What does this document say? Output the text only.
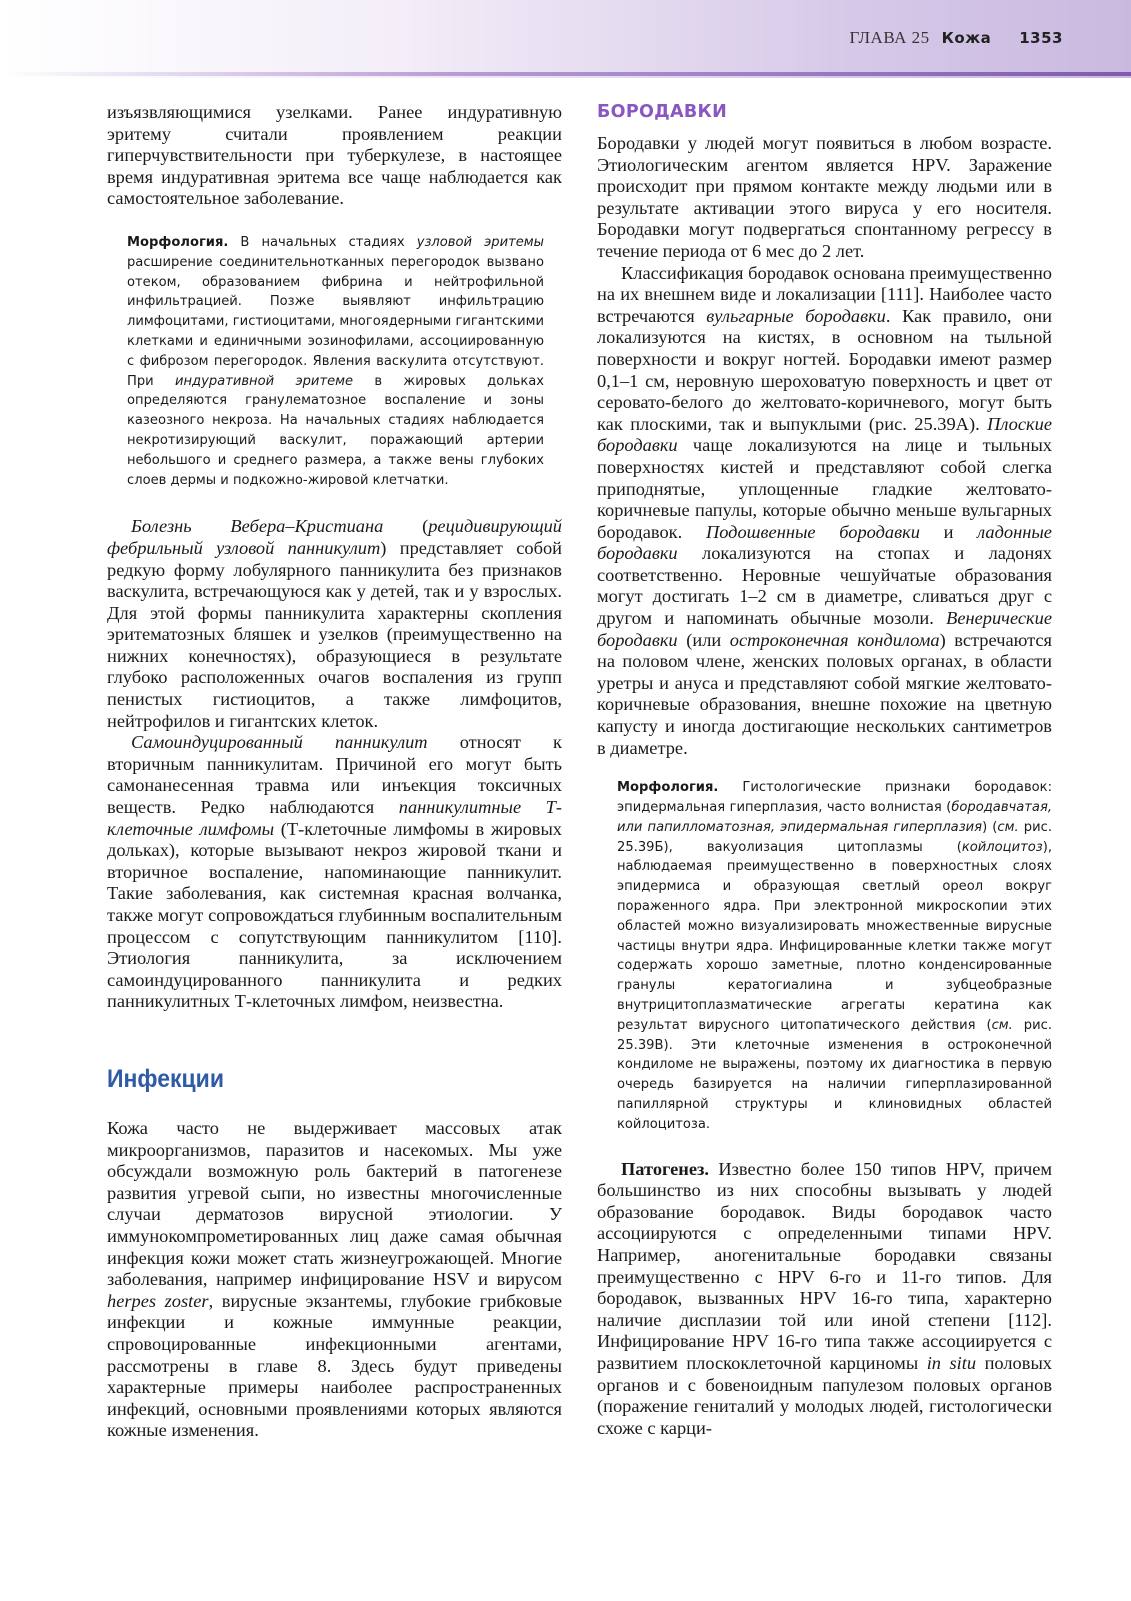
ГЛАВА 25 Кожа 1353

изъязвляющимися узелками. Ранее индуративную эритему считали проявлением реакции гиперчувствительности при туберкулезе, в настоящее время индуративная эритема все чаще наблюдается как самостоятельное заболевание.

Морфология. В начальных стадиях узловой эритемы расширение соединительнотканных перегородок вызвано отеком, образованием фибрина и нейтрофильной инфильтрацией. Позже выявляют инфильтрацию лимфоцитами, гистиоцитами, многоядерными гигантскими клетками и единичными эозинофилами, ассоциированную с фиброзом перегородок. Явления васкулита отсутствуют. При индуративной эритеме в жировых дольках определяются гранулематозное воспаление и зоны казеозного некроза. На начальных стадиях наблюдается некротизирующий васкулит, поражающий артерии небольшого и среднего размера, а также вены глубоких слоев дермы и подкожно-жировой клетчатки.

Болезнь Вебера–Кристиана (рецидивирующий фебрильный узловой панникулит) представляет собой редкую форму лобулярного панникулита без признаков васкулита, встречающуюся как у детей, так и у взрослых. Для этой формы панникулита характерны скопления эритематозных бляшек и узелков (преимущественно на нижних конечностях), образующиеся в результате глубоко расположенных очагов воспаления из групп пенистых гистиоцитов, а также лимфоцитов, нейтрофилов и гигантских клеток.

Самоиндуцированный панникулит относят к вторичным панникулитам. Причиной его могут быть самонанесенная травма или инъекция токсичных веществ. Редко наблюдаются панникулитные Т-клеточные лимфомы (Т-клеточные лимфомы в жировых дольках), которые вызывают некроз жировой ткани и вторичное воспаление, напоминающие панникулит. Такие заболевания, как системная красная волчанка, также могут сопровождаться глубинным воспалительным процессом с сопутствующим панникулитом [110]. Этиология панникулита, за исключением самоиндуцированного панникулита и редких панникулитных Т-клеточных лимфом, неизвестна.

Инфекции

Кожа часто не выдерживает массовых атак микроорганизмов, паразитов и насекомых. Мы уже обсуждали возможную роль бактерий в патогенезе развития угревой сыпи, но известны многочисленные случаи дерматозов вирусной этиологии. У иммунокомпрометированных лиц даже самая обычная инфекция кожи может стать жизнеугрожающей. Многие заболевания, например инфицирование HSV и вирусом herpes zoster, вирусные экзантемы, глубокие грибковые инфекции и кожные иммунные реакции, спровоцированные инфекционными агентами, рассмотрены в главе 8. Здесь будут приведены характерные примеры наиболее распространенных инфекций, основными проявлениями которых являются кожные изменения.

БОРОДАВКИ

Бородавки у людей могут появиться в любом возрасте. Этиологическим агентом является HPV. Заражение происходит при прямом контакте между людьми или в результате активации этого вируса у его носителя. Бородавки могут подвергаться спонтанному регрессу в течение периода от 6 мес до 2 лет.

Классификация бородавок основана преимущественно на их внешнем виде и локализации [111]. Наиболее часто встречаются вульгарные бородавки. Как правило, они локализуются на кистях, в основном на тыльной поверхности и вокруг ногтей. Бородавки имеют размер 0,1–1 см, неровную шероховатую поверхность и цвет от серовато-белого до желтовато-коричневого, могут быть как плоскими, так и выпуклыми (рис. 25.39А). Плоские бородавки чаще локализуются на лице и тыльных поверхностях кистей и представляют собой слегка приподнятые, уплощенные гладкие желтовато-коричневые папулы, которые обычно меньше вульгарных бородавок. Подошвенные бородавки и ладонные бородавки локализуются на стопах и ладонях соответственно. Неровные чешуйчатые образования могут достигать 1–2 см в диаметре, сливаться друг с другом и напоминать обычные мозоли. Венерические бородавки (или остроконечная кондилома) встречаются на половом члене, женских половых органах, в области уретры и ануса и представляют собой мягкие желтовато-коричневые образования, внешне похожие на цветную капусту и иногда достигающие нескольких сантиметров в диаметре.

Морфология. Гистологические признаки бородавок: эпидермальная гиперплазия, часто волнистая (бородавчатая, или папилломатозная, эпидермальная гиперплазия) (см. рис. 25.39Б), вакуолизация цитоплазмы (койлоцитоз), наблюдаемая преимущественно в поверхностных слоях эпидермиса и образующая светлый ореол вокруг пораженного ядра. При электронной микроскопии этих областей можно визуализировать множественные вирусные частицы внутри ядра. Инфицированные клетки также могут содержать хорошо заметные, плотно конденсированные гранулы кератогиалина и зубцеобразные внутрицитоплазматические агрегаты кератина как результат вирусного цитопатического действия (см. рис. 25.39В). Эти клеточные изменения в остроконечной кондиломе не выражены, поэтому их диагностика в первую очередь базируется на наличии гиперплазированной папиллярной структуры и клиновидных областей койлоцитоза.

Патогенез. Известно более 150 типов HPV, причем большинство из них способны вызывать у людей образование бородавок. Виды бородавок часто ассоциируются с определенными типами HPV. Например, аногенитальные бородавки связаны преимущественно с HPV 6-го и 11-го типов. Для бородавок, вызванных HPV 16-го типа, характерно наличие дисплазии той или иной степени [112]. Инфицирование HPV 16-го типа также ассоциируется с развитием плоскоклеточной карциномы in situ половых органов и с бовеноидным папулезом половых органов (поражение гениталий у молодых людей, гистологически схоже с карци-
